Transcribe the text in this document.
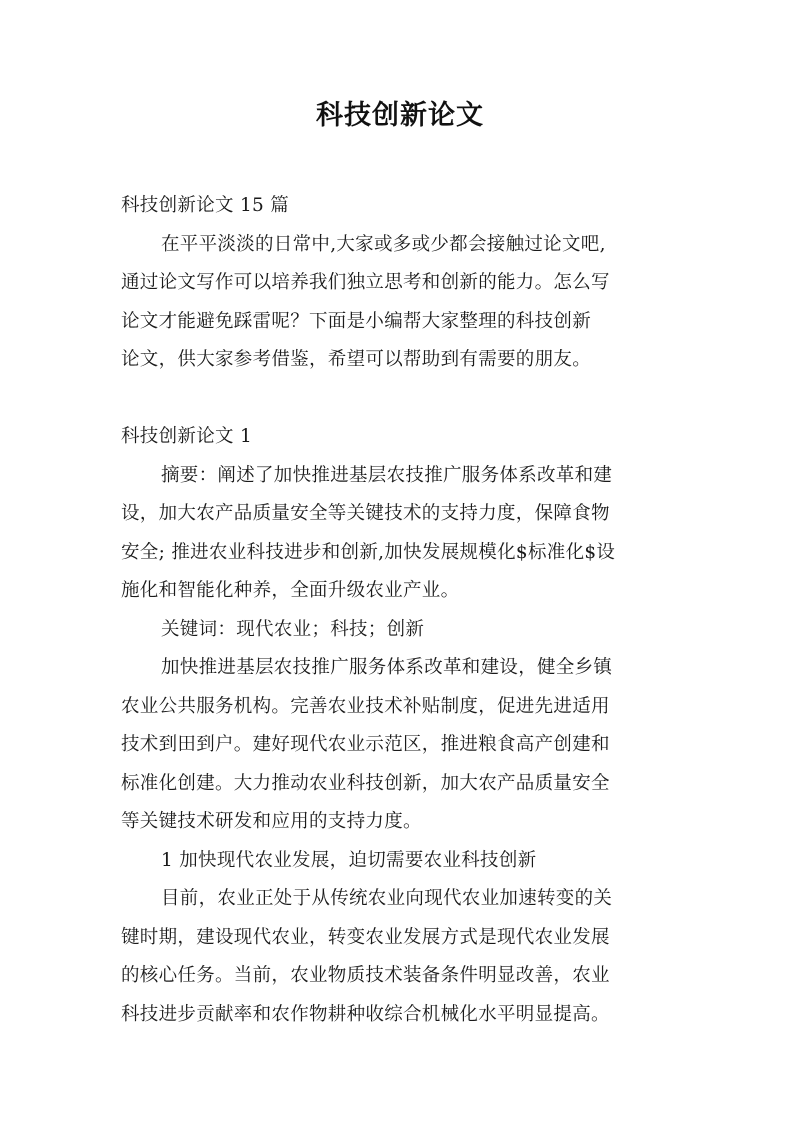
科技创新论文

科技创新论文 15 篇

在平平淡淡的日常中,大家或多或少都会接触过论文吧,

通过论文写作可以培养我们独立思考和创新的能力。怎么写

论文才能避免踩雷呢？下面是小编帮大家整理的科技创新

论文，供大家参考借鉴，希望可以帮助到有需要的朋友。

科技创新论文 1

摘要：阐述了加快推进基层农技推广服务体系改革和建

设，加大农产品质量安全等关键技术的支持力度，保障食物

安全; 推进农业科技进步和创新,加快发展规模化$标准化$设

施化和智能化种养，全面升级农业产业。

关键词：现代农业；科技；创新

加快推进基层农技推广服务体系改革和建设，健全乡镇

农业公共服务机构。完善农业技术补贴制度，促进先进适用

技术到田到户。建好现代农业示范区，推进粮食高产创建和

标准化创建。大力推动农业科技创新，加大农产品质量安全

等关键技术研发和应用的支持力度。

1 加快现代农业发展，迫切需要农业科技创新

目前，农业正处于从传统农业向现代农业加速转变的关

键时期，建设现代农业，转变农业发展方式是现代农业发展

的核心任务。当前，农业物质技术装备条件明显改善，农业

科技进步贡献率和农作物耕种收综合机械化水平明显提高。
